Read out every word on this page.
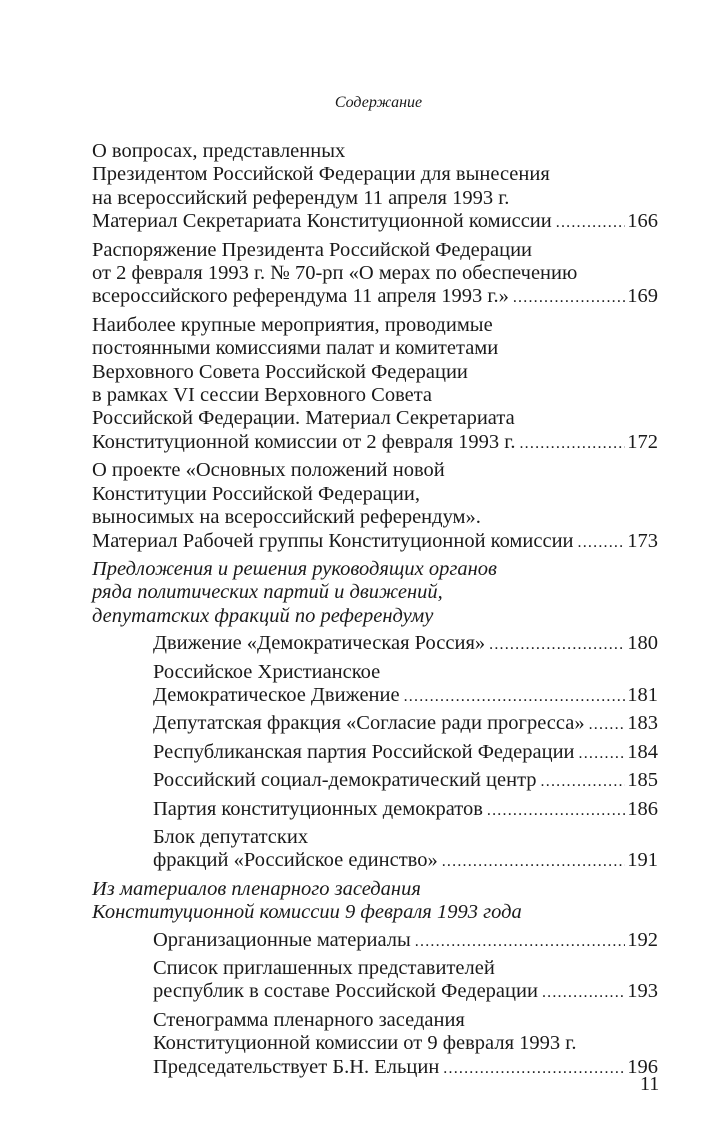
Содержание
О вопросах, представленных
Президентом Российской Федерации для вынесения
на всероссийский референдум 11 апреля 1993 г.
Материал Секретариата Конституционной комиссии .....	166
Распоряжение Президента Российской Федерации
от 2 февраля 1993 г. № 70-рп «О мерах по обеспечению
всероссийского референдума 11 апреля 1993 г.» .....	169
Наиболее крупные мероприятия, проводимые
постоянными комиссиями палат и комитетами
Верховного Совета Российской Федерации
в рамках VI сессии Верховного Совета
Российской Федерации. Материал Секретариата
Конституционной комиссии от 2 февраля 1993 г. .....	172
О проекте «Основных положений новой
Конституции Российской Федерации,
выносимых на всероссийский референдум».
Материал Рабочей группы Конституционной комиссии .....	173
Предложения и решения руководящих органов
ряда политических партий и движений,
депутатских фракций по референдуму
Движение «Демократическая Россия» .....	180
Российское Христианское
Демократическое Движение .....	181
Депутатская фракция «Согласие ради прогресса» ..... 183
Республиканская партия Российской Федерации .....	184
Российский социал-демократический центр .....	185
Партия конституционных демократов .....	186
Блок депутатских
фракций «Российское единство» .....	191
Из материалов пленарного заседания
Конституционной комиссии 9 февраля 1993 года
Организационные материалы .....	192
Список приглашенных представителей
республик в составе Российской Федерации .....	193
Стенограмма пленарного заседания
Конституционной комиссии от 9 февраля 1993 г.
Председательствует Б.Н. Ельцин .....	196
11
